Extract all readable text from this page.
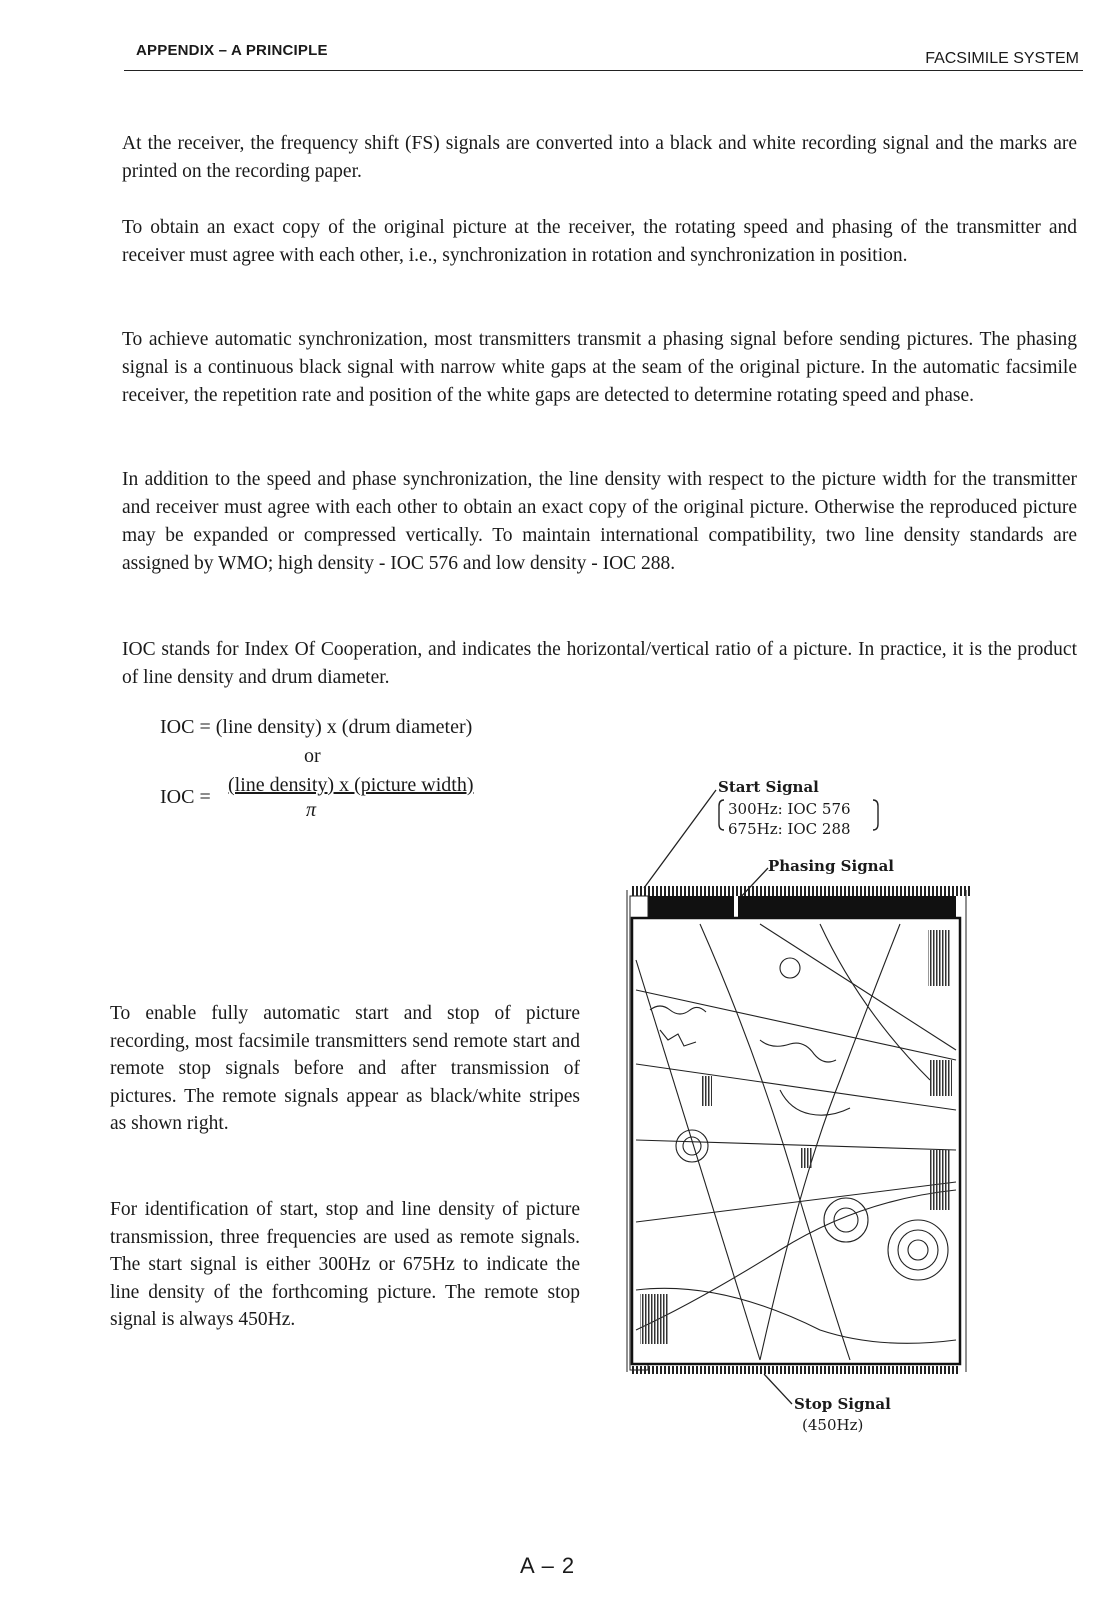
APPENDIX – A PRINCIPLE	FACSIMILE SYSTEM

At the receiver, the frequency shift (FS) signals are converted into a black and white recording signal and the marks are printed on the recording paper.

To obtain an exact copy of the original picture at the receiver, the rotating speed and phasing of the transmitter and receiver must agree with each other, i.e., synchronization in rotation and synchronization in position.

To achieve automatic synchronization, most transmitters transmit a phasing signal before sending pictures. The phasing signal is a continuous black signal with narrow white gaps at the seam of the original picture. In the automatic facsimile receiver, the repetition rate and position of the white gaps are detected to determine rotating speed and phase.

In addition to the speed and phase synchronization, the line density with respect to the picture width for the transmitter and receiver must agree with each other to obtain an exact copy of the original picture. Otherwise the reproduced picture may be expanded or compressed vertically. To maintain international compatibility, two line density standards are assigned by WMO; high density - IOC 576 and low density - IOC 288.

IOC stands for Index Of Cooperation, and indicates the horizontal/vertical ratio of a picture. In practice, it is the product of line density and drum diameter.

IOC = (line density) x (drum diameter)
or
IOC =
(line density) x (picture width)
π

To enable fully automatic start and stop of picture recording, most facsimile transmitters send remote start and remote stop signals before and after transmission of pictures. The remote signals appear as black/white stripes as shown right.

For identification of start, stop and line density of picture transmission, three frequencies are used as remote signals. The start signal is either 300Hz or 675Hz to indicate the line density of the forthcoming picture. The remote stop signal is always 450Hz.

Start Signal
300Hz: IOC 576
675Hz: IOC 288
Phasing Signal
Stop Signal
(450Hz)
A – 2
